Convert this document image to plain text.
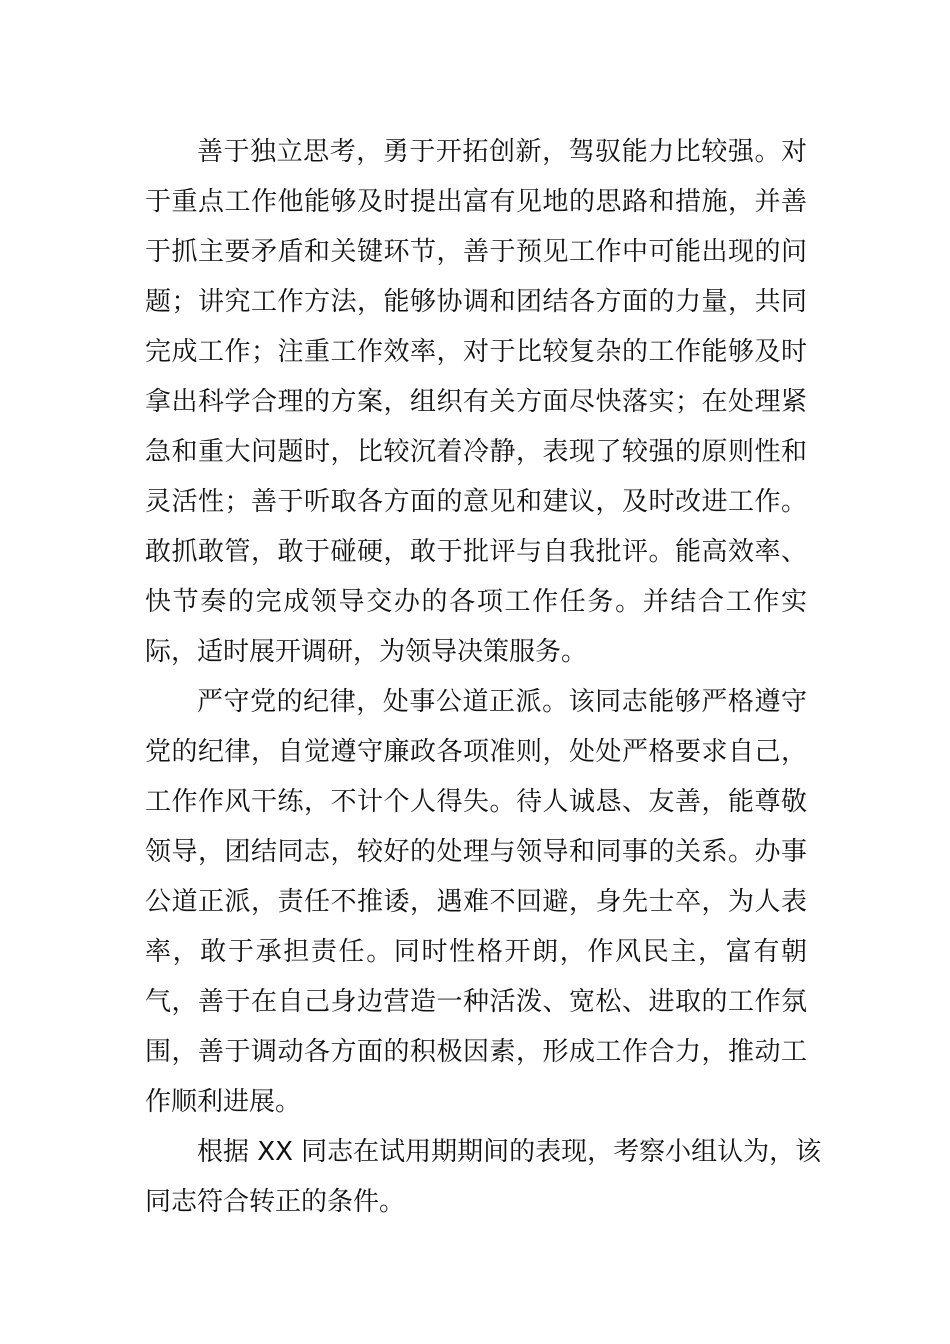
善于独立思考，勇于开拓创新，驾驭能力比较强。对
于重点工作他能够及时提出富有见地的思路和措施，并善
于抓主要矛盾和关键环节，善于预见工作中可能出现的问
题；讲究工作方法，能够协调和团结各方面的力量，共同
完成工作；注重工作效率，对于比较复杂的工作能够及时
拿出科学合理的方案，组织有关方面尽快落实；在处理紧
急和重大问题时，比较沉着冷静，表现了较强的原则性和
灵活性；善于听取各方面的意见和建议，及时改进工作。
敢抓敢管，敢于碰硬，敢于批评与自我批评。能高效率、
快节奏的完成领导交办的各项工作任务。并结合工作实
际，适时展开调研，为领导决策服务。
严守党的纪律，处事公道正派。该同志能够严格遵守
党的纪律，自觉遵守廉政各项准则，处处严格要求自己，
工作作风干练，不计个人得失。待人诚恳、友善，能尊敬
领导，团结同志，较好的处理与领导和同事的关系。办事
公道正派，责任不推诿，遇难不回避，身先士卒，为人表
率，敢于承担责任。同时性格开朗，作风民主，富有朝
气，善于在自己身边营造一种活泼、宽松、进取的工作氛
围，善于调动各方面的积极因素，形成工作合力，推动工
作顺利进展。
根据 XX 同志在试用期期间的表现，考察小组认为，该
同志符合转正的条件。
